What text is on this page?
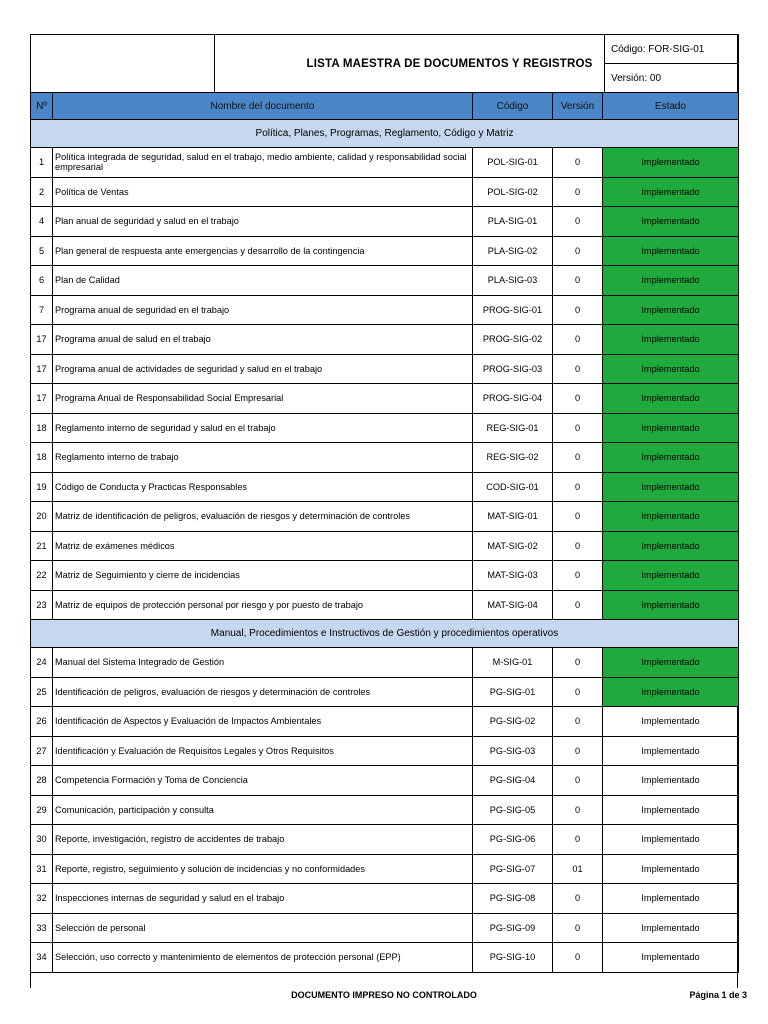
	LISTA MAESTRA DE DOCUMENTOS Y REGISTROS	Código: FOR-SIG-01
Versión: 00
Nº	Nombre del documento	Código	Versión	Estado
Política, Planes, Programas, Reglamento, Código y Matriz				
1	Política integrada de seguridad, salud en el trabajo, medio ambiente, calidad y responsabilidad social empresarial	POL-SIG-01	0	Implementado
2	Política de Ventas	POL-SIG-02	0	Implementado
4	Plan anual de seguridad y salud en el trabajo	PLA-SIG-01	0	Implementado
5	Plan general de respuesta ante emergencias y desarrollo de la contingencia	PLA-SIG-02	0	Implementado
6	Plan de Calidad	PLA-SIG-03	0	Implementado
7	Programa anual de seguridad en el trabajo	PROG-SIG-01	0	Implementado
17	Programa anual de salud en el trabajo	PROG-SIG-02	0	Implementado
17	Programa anual de actividades de seguridad y salud en el trabajo	PROG-SIG-03	0	Implementado
17	Programa Anual de Responsabilidad Social Empresarial	PROG-SIG-04	0	Implementado
18	Reglamento interno de seguridad y salud en el trabajo	REG-SIG-01	0	Implementado
18	Reglamento interno de trabajo	REG-SIG-02	0	Implementado
19	Código de Conducta y Practicas Responsables	COD-SIG-01	0	Implementado
20	Matriz de identificación de peligros, evaluación de riesgos y determinación de controles	MAT-SIG-01	0	Implementado
21	Matriz de exámenes médicos	MAT-SIG-02	0	Implementado
22	Matriz de Seguimiento y cierre de incidencias	MAT-SIG-03	0	Implementado
23	Matriz de equipos de protección personal por riesgo y por puesto de trabajo	MAT-SIG-04	0	Implementado
Manual, Procedimientos e Instructivos de Gestión y procedimientos operativos				
24	Manual del Sistema Integrado de Gestión	M-SIG-01	0	Implementado
25	Identificación de peligros, evaluación de riesgos y determinación de controles	PG-SIG-01	0	Implementado
26	Identificación de Aspectos y Evaluación de Impactos Ambientales	PG-SIG-02	0	Implementado
27	Identificación y Evaluación de Requisitos Legales y Otros Requisitos	PG-SIG-03	0	Implementado
28	Competencia Formación y Toma de Conciencia	PG-SIG-04	0	Implementado
29	Comunicación, participación y consulta	PG-SIG-05	0	Implementado
30	Reporte, investigación, registro de accidentes de trabajo	PG-SIG-06	0	Implementado
31	Reporte, registro, seguimiento y solución de incidencias y no conformidades	PG-SIG-07	01	Implementado
32	Inspecciones internas de seguridad y salud en el trabajo	PG-SIG-08	0	Implementado
33	Selección de personal	PG-SIG-09	0	Implementado
34	Selección, uso correcto y mantenimiento de elementos de protección personal (EPP)	PG-SIG-10	0	Implementado
DOCUMENTO IMPRESO NO CONTROLADO	Página 1 de 3
